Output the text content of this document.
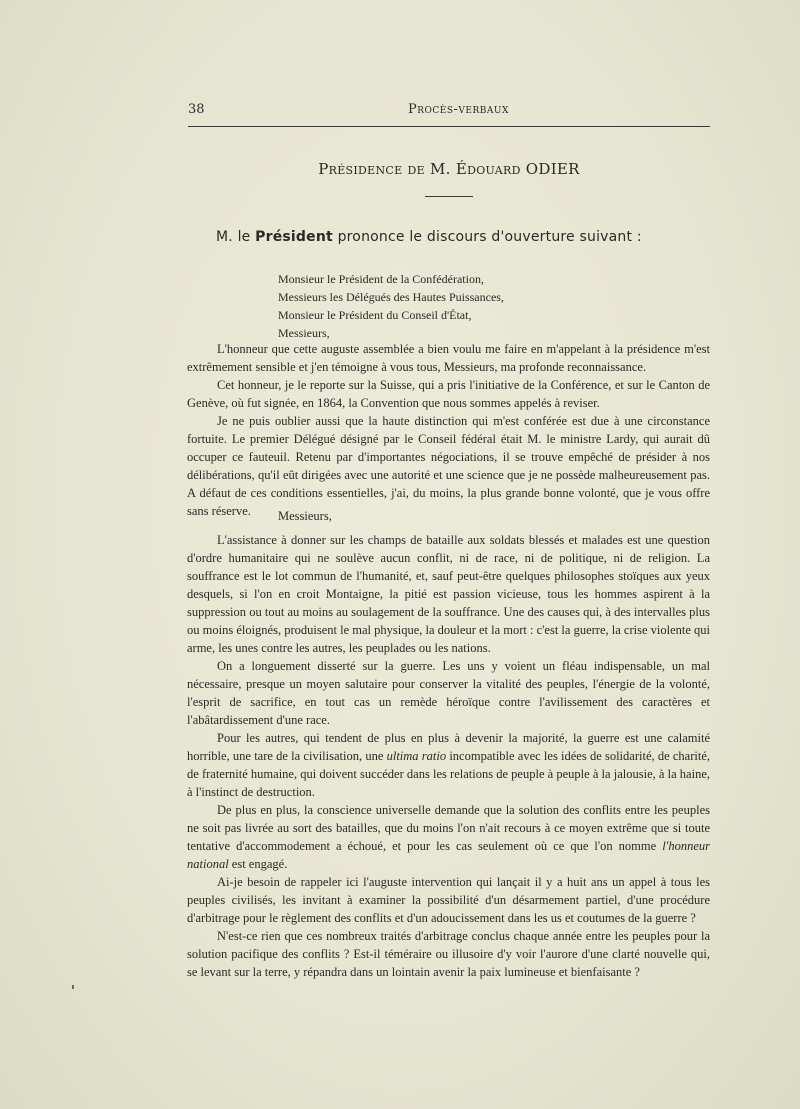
38	Procès-verbaux
Présidence de M. Édouard ODIER
M. le Président prononce le discours d'ouverture suivant :
Monsieur le Président de la Confédération,
Messieurs les Délégués des Hautes Puissances,
Monsieur le Président du Conseil d'État,
Messieurs,

L'honneur que cette auguste assemblée a bien voulu me faire en m'appelant à la présidence m'est extrêmement sensible et j'en témoigne à vous tous, Messieurs, ma profonde reconnaissance.

Cet honneur, je le reporte sur la Suisse, qui a pris l'initiative de la Conférence, et sur le Canton de Genève, où fut signée, en 1864, la Convention que nous sommes appelés à reviser.

Je ne puis oublier aussi que la haute distinction qui m'est conférée est due à une circonstance fortuite. Le premier Délégué désigné par le Conseil fédéral était M. le ministre Lardy, qui aurait dû occuper ce fauteuil. Retenu par d'importantes négociations, il se trouve empêché de présider à nos délibérations, qu'il eût dirigées avec une autorité et une science que je ne possède malheureusement pas. A défaut de ces conditions essentielles, j'ai, du moins, la plus grande bonne volonté, que je vous offre sans réserve.	Messieurs,

L'assistance à donner sur les champs de bataille aux soldats blessés et malades est une question d'ordre humanitaire qui ne soulève aucun conflit, ni de race, ni de politique, ni de religion. La souffrance est le lot commun de l'humanité, et, sauf peut-être quelques philosophes stoïques aux yeux desquels, si l'on en croit Montaigne, la pitié est passion vicieuse, tous les hommes aspirent à la suppression ou tout au moins au soulagement de la souffrance. Une des causes qui, à des intervalles plus ou moins éloignés, produisent le mal physique, la douleur et la mort : c'est la guerre, la crise violente qui arme, les unes contre les autres, les peuplades ou les nations.

On a longuement disserté sur la guerre. Les uns y voient un fléau indispensable, un mal nécessaire, presque un moyen salutaire pour conserver la vitalité des peuples, l'énergie de la volonté, l'esprit de sacrifice, en tout cas un remède héroïque contre l'avilissement des caractères et l'abâtardissement d'une race.

Pour les autres, qui tendent de plus en plus à devenir la majorité, la guerre est une calamité horrible, une tare de la civilisation, une ultima ratio incompatible avec les idées de solidarité, de charité, de fraternité humaine, qui doivent succéder dans les relations de peuple à peuple à la jalousie, à la haine, à l'instinct de destruction.

De plus en plus, la conscience universelle demande que la solution des conflits entre les peuples ne soit pas livrée au sort des batailles, que du moins l'on n'ait recours à ce moyen extrême que si toute tentative d'accommodement a échoué, et pour les cas seulement où ce que l'on nomme l'honneur national est engagé.

Ai-je besoin de rappeler ici l'auguste intervention qui lançait il y a huit ans un appel à tous les peuples civilisés, les invitant à examiner la possibilité d'un désarmement partiel, d'une procédure d'arbitrage pour le règlement des conflits et d'un adoucissement dans les us et coutumes de la guerre ?

N'est-ce rien que ces nombreux traités d'arbitrage conclus chaque année entre les peuples pour la solution pacifique des conflits ? Est-il téméraire ou illusoire d'y voir l'aurore d'une clarté nouvelle qui, se levant sur la terre, y répandra dans un lointain avenir la paix lumineuse et bienfaisante ?
